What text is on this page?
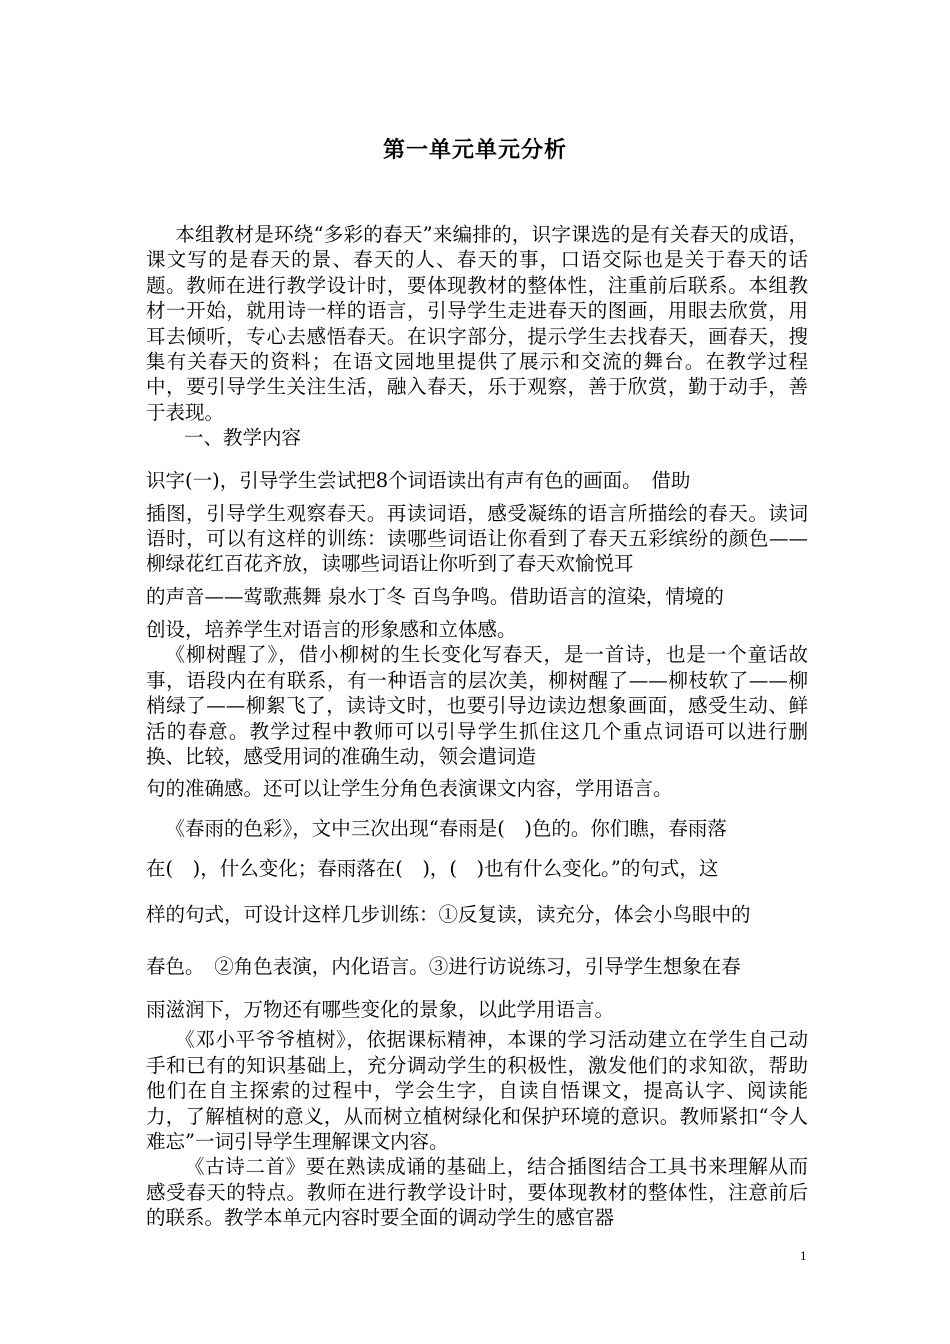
第一单元单元分析

本组教材是环绕“多彩的春天”来编排的，识字课选的是有关春天的成语，课文写的是春天的景、春天的人、春天的事，口语交际也是关于春天的话题。教师在进行教学设计时，要体现教材的整体性，注重前后联系。本组教材一开始，就用诗一样的语言，引导学生走进春天的图画，用眼去欣赏，用耳去倾听，专心去感悟春天。在识字部分，提示学生去找春天，画春天，搜集有关春天的资料；在语文园地里提供了展示和交流的舞台。在教学过程中，要引导学生关注生活，融入春天，乐于观察，善于欣赏，勤于动手，善于表现。

一、教学内容

识字(一)，引导学生尝试把8个词语读出有声有色的画面。　借助

插图，引导学生观察春天。再读词语，感受凝练的语言所描绘的春天。读词语时，可以有这样的训练：读哪些词语让你看到了春天五彩缤纷的颜色——柳绿花红百花齐放，读哪些词语让你听到了春天欢愉悦耳

的声音——莺歌燕舞 泉水丁冬 百鸟争鸣。借助语言的渲染，情境的

创设，培养学生对语言的形象感和立体感。

《柳树醒了》，借小柳树的生长变化写春天，是一首诗，也是一个童话故事，语段内在有联系，有一种语言的层次美，柳树醒了——柳枝软了——柳梢绿了——柳絮飞了，读诗文时，也要引导边读边想象画面，感受生动、鲜活的春意。教学过程中教师可以引导学生抓住这几个重点词语可以进行删换、比较，感受用词的准确生动，领会遣词造

句的准确感。还可以让学生分角色表演课文内容，学用语言。

《春雨的色彩》，文中三次出现“春雨是(　)色的。你们瞧，春雨落

在(　)，什么变化；春雨落在(　)，(　)也有什么变化。”的句式，这

样的句式，可设计这样几步训练：①反复读，读充分，体会小鸟眼中的

春色。　②角色表演，内化语言。③进行访说练习，引导学生想象在春

雨滋润下，万物还有哪些变化的景象，以此学用语言。

《邓小平爷爷植树》，依据课标精神，本课的学习活动建立在学生自己动手和已有的知识基础上，充分调动学生的积极性，激发他们的求知欲，帮助他们在自主探索的过程中，学会生字，自读自悟课文，提高认字、阅读能力，了解植树的意义，从而树立植树绿化和保护环境的意识。教师紧扣“令人难忘”一词引导学生理解课文内容。

《古诗二首》要在熟读成诵的基础上，结合插图结合工具书来理解从而感受春天的特点。教师在进行教学设计时，要体现教材的整体性，注意前后的联系。教学本单元内容时要全面的调动学生的感官器

1
